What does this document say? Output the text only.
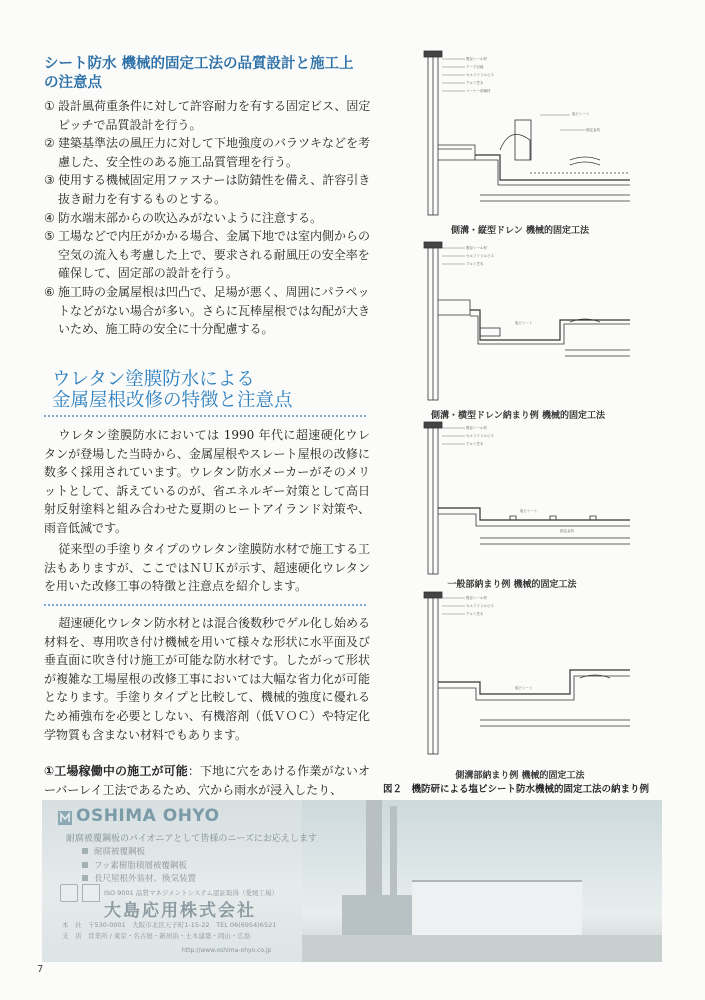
シート防水 機械的固定工法の品質設計と施工上の注意点
① 設計風荷重条件に対して許容耐力を有する固定ビス、固定ピッチで品質設計を行う。
② 建築基準法の風圧力に対して下地強度のバラツキなどを考慮した、安全性のある施工品質管理を行う。
③ 使用する機械固定用ファスナーは防錆性を備え、許容引き抜き耐力を有するものとする。
④ 防水端末部からの吹込みがないように注意する。
⑤ 工場などで内圧がかかる場合、金属下地では室内側からの空気の流入も考慮した上で、要求される耐風圧の安全率を確保して、固定部の設計を行う。
⑥ 施工時の金属屋根は凹凸で、足場が悪く、周囲にパラペットなどがない場合が多い。さらに瓦棒屋根では勾配が大きいため、施工時の安全に十分配慮する。
ウレタン塗膜防水による
金属屋根改修の特徴と注意点
ウレタン塗膜防水においては 1990 年代に超速硬化ウレタンが登場した当時から、金属屋根やスレート屋根の改修に数多く採用されています。ウレタン防水メーカーがそのメリットとして、訴えているのが、省エネルギー対策として高日射反射塗料と組み合わせた夏期のヒートアイランド対策や、雨音低減です。
従来型の手塗りタイプのウレタン塗膜防水材で施工する工法もありますが、ここではＮＵＫが示す、超速硬化ウレタンを用いた改修工事の特徴と注意点を紹介します。
超速硬化ウレタン防水材とは混合後数秒でゲル化し始める材料を、専用吹き付け機械を用いて様々な形状に水平面及び垂直面に吹き付け施工が可能な防水材です。したがって形状が複雑な工場屋根の改修工事においては大幅な省力化が可能となります。手塗りタイプと比較して、機械的強度に優れるため補強布を必要としない、有機溶剤（低ＶＯＣ）や特定化学物質も含まない材料でもあります。
①工場稼働中の施工が可能：下地に穴をあける作業がないオーバーレイ工法であるため、穴から雨水が浸入したり、
既存シール材
テープ目地
セルフドリルビス
アルミ笠木
コーナー部補材
塩ビシート
固定金具
側溝・縦型ドレン 機械的固定工法
既存シール材
セルフドリルビス
アルミ笠木
塩ビシート
側溝・横型ドレン納まり例 機械的固定工法
既存シール材
セルフドリルビス
アルミ笠木
塩ビシート
固定金具
一般部納まり例 機械的固定工法
既存シール材
セルフドリルビス
アルミ笠木
塩ビシート
側溝部納まり例 機械的固定工法
図２　機防研による塩ビシート防水機械的固定工法の納まり例
OSHIMA OHYO
耐腐被覆鋼板のパイオニアとして皆様のニーズにお応えします
耐腐被覆鋼板
フッ素樹脂積層被覆鋼板
長尺屋根外装材、換気装置
ISO 9001 品質マネジメントシステム認証取得（愛媛工場）
大島応用株式会社
本　社　〒530-0001　大阪市北区天子町1-15-22　TEL 06(6954)6521
支　店　営業所 / 東京・名古屋・新居浜・土木建築・岡山・広島
http://www.oshima-ohyo.co.jp
7
